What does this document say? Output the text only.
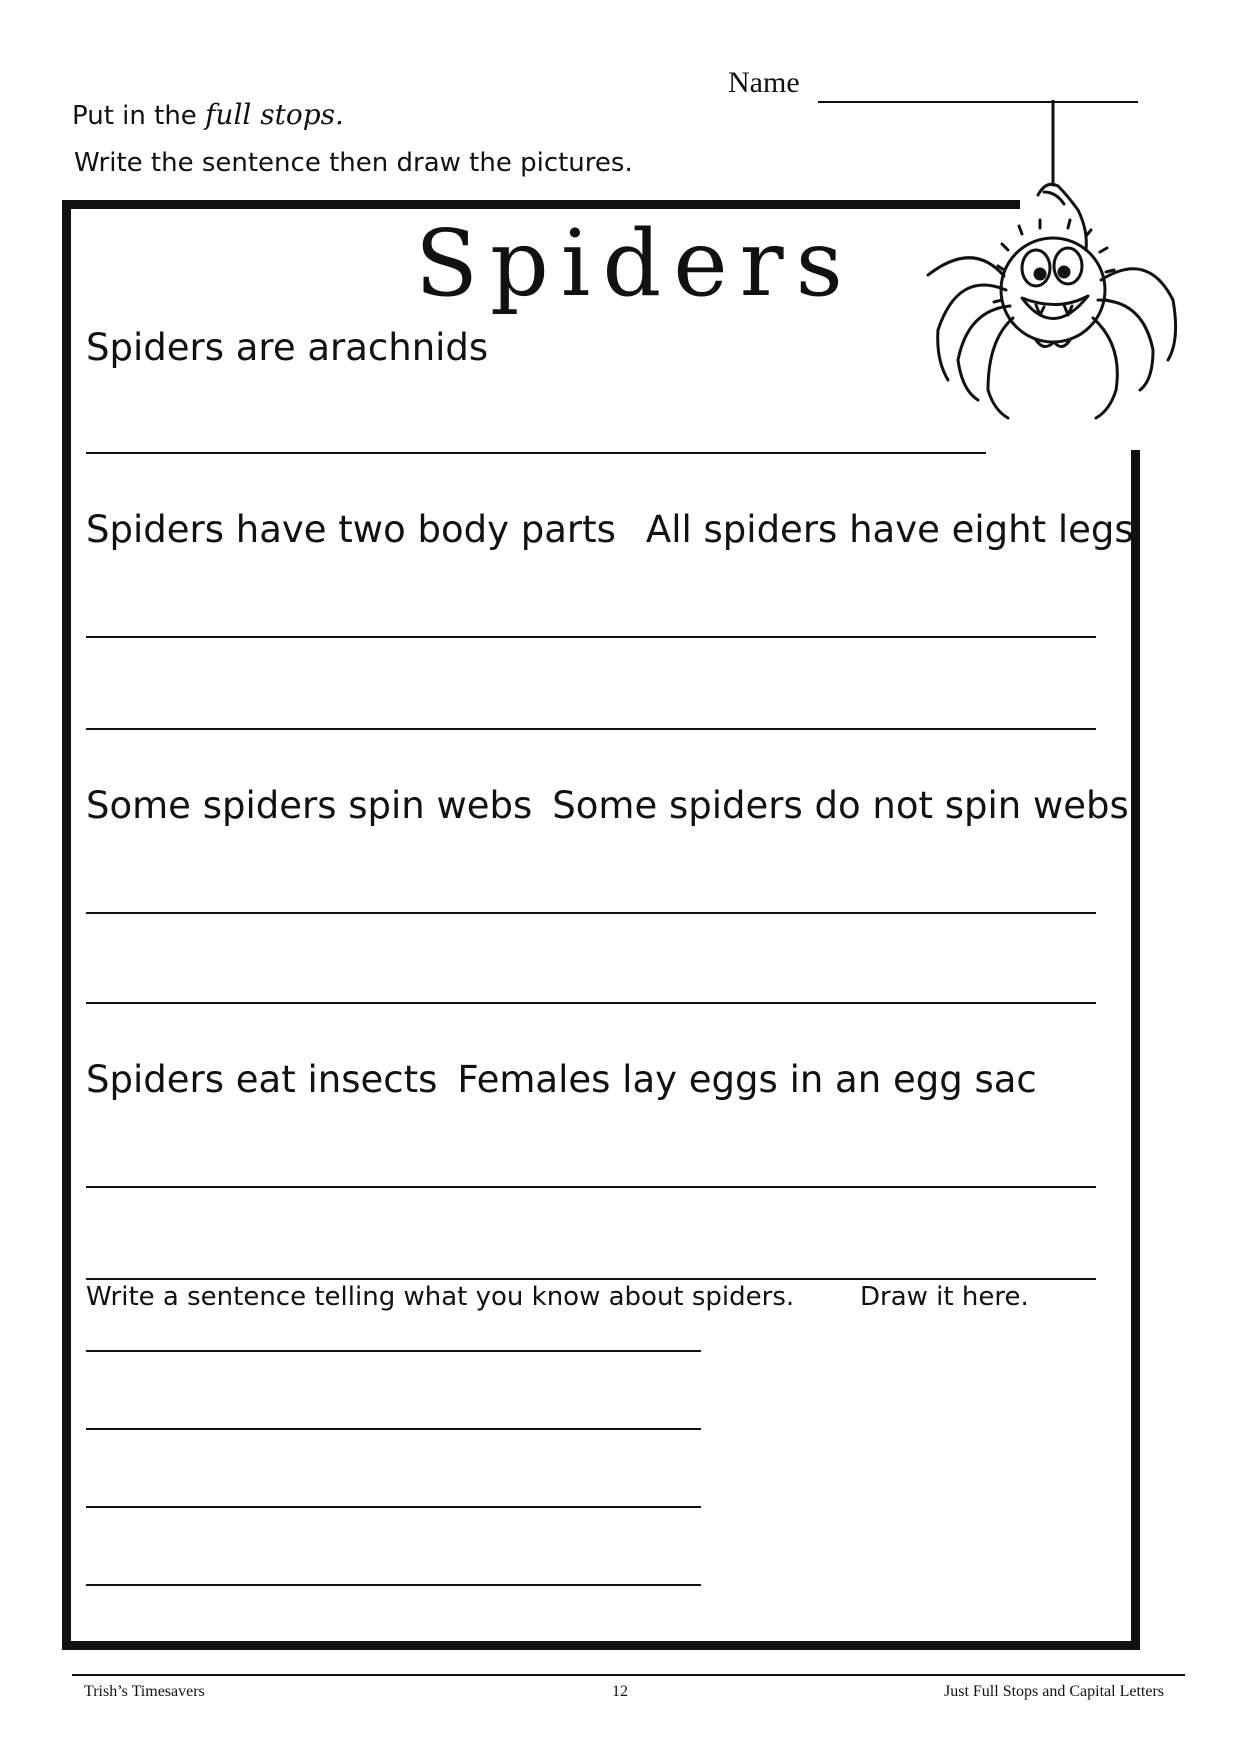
Name
Put in the full stops.
Write the sentence then draw the pictures.
Spiders
Spiders are arachnids
Spiders have two body parts All spiders have eight legs
Some spiders spin webs Some spiders do not spin webs
Spiders eat insects Females lay eggs in an egg sac
Write a sentence telling what you know about spiders.	Draw it here.
Trish’s Timesavers	12	Just Full Stops and Capital Letters
